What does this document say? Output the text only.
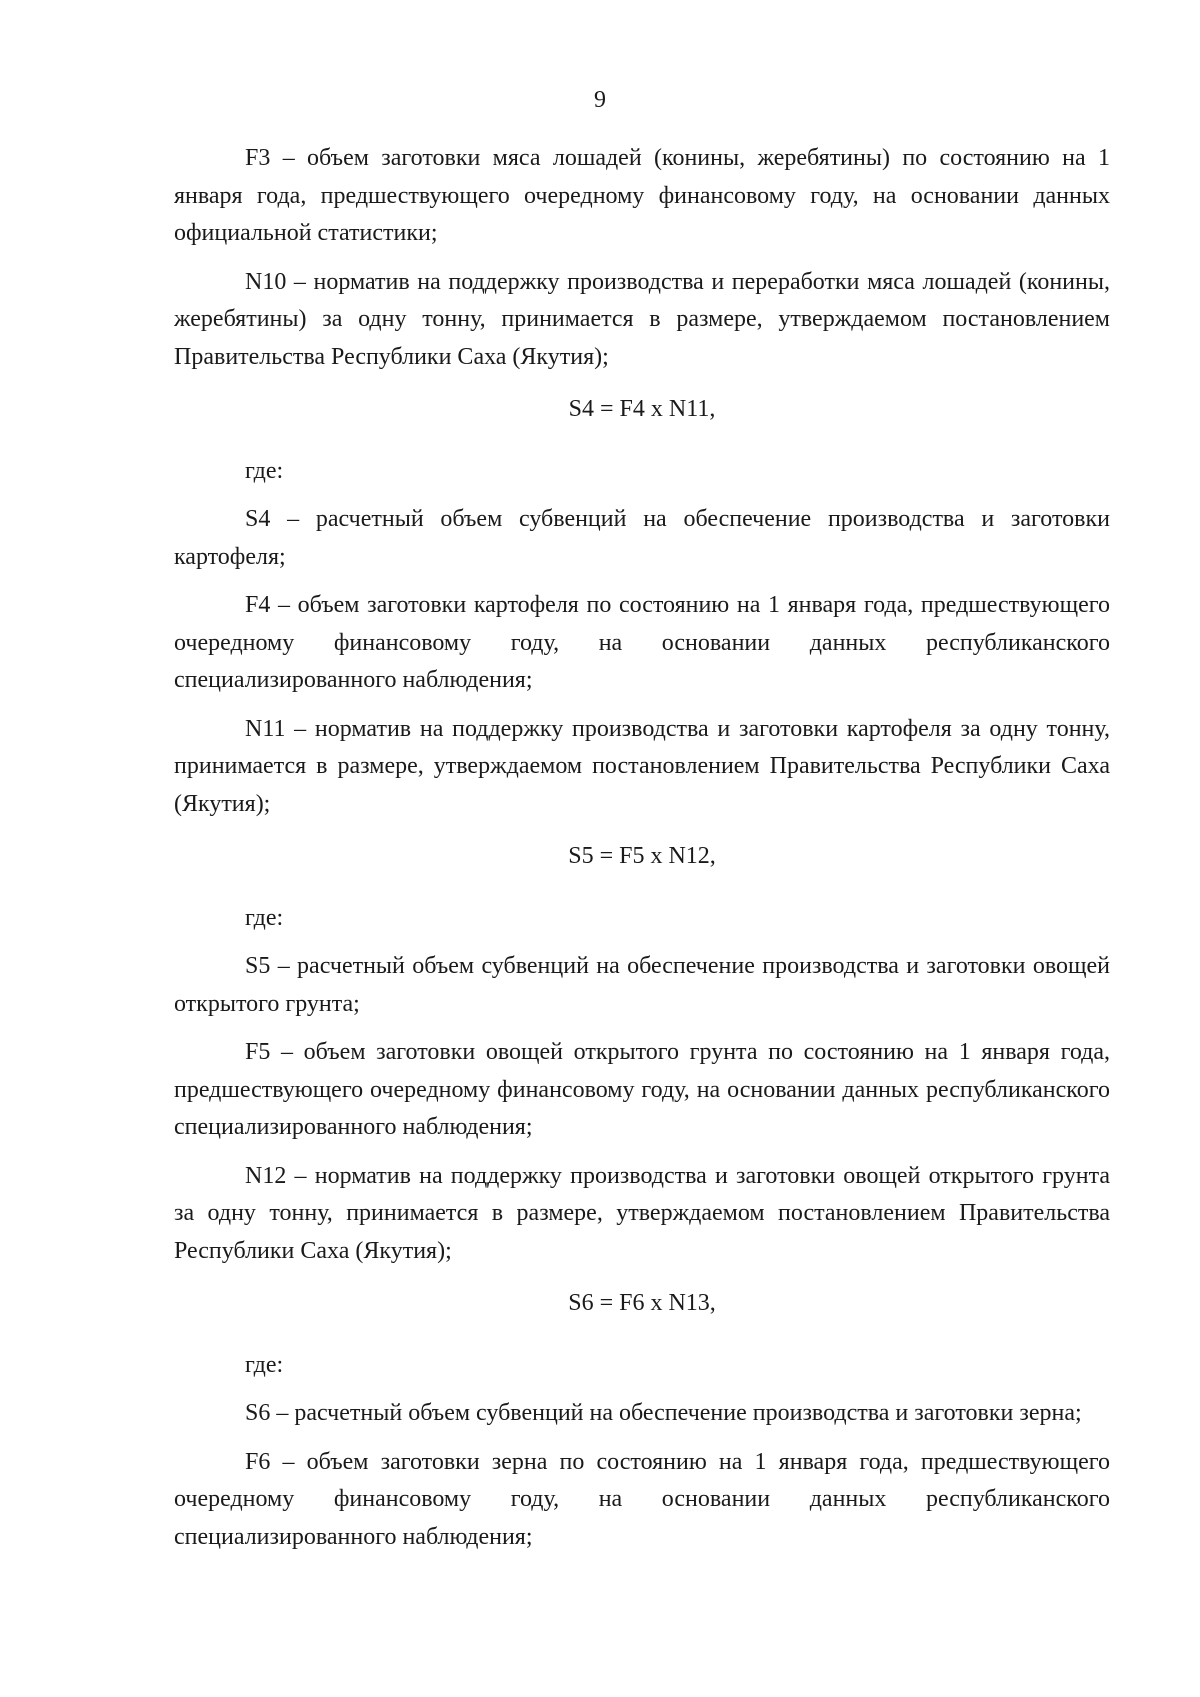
9

F3 – объем заготовки мяса лошадей (конины, жеребятины) по состоянию на 1 января года, предшествующего очередному финансовому году, на основании данных официальной статистики;

N10 – норматив на поддержку производства и переработки мяса лошадей (конины, жеребятины) за одну тонну, принимается в размере, утверждаемом постановлением Правительства Республики Саха (Якутия);

S4 = F4 x N11,

где:

S4 – расчетный объем субвенций на обеспечение производства и заготовки картофеля;

F4 – объем заготовки картофеля по состоянию на 1 января года, предшествующего очередному финансовому году, на основании данных республиканского специализированного наблюдения;

N11 – норматив на поддержку производства и заготовки картофеля за одну тонну, принимается в размере, утверждаемом постановлением Правительства Республики Саха (Якутия);

S5 = F5 x N12,

где:

S5 – расчетный объем субвенций на обеспечение производства и заготовки овощей открытого грунта;

F5 – объем заготовки овощей открытого грунта по состоянию на 1 января года, предшествующего очередному финансовому году, на основании данных республиканского специализированного наблюдения;

N12 – норматив на поддержку производства и заготовки овощей открытого грунта за одну тонну, принимается в размере, утверждаемом постановлением Правительства Республики Саха (Якутия);

S6 = F6 x N13,

где:

S6 – расчетный объем субвенций на обеспечение производства и заготовки зерна;

F6 – объем заготовки зерна по состоянию на 1 января года, предшествующего очередному финансовому году, на основании данных республиканского специализированного наблюдения;
